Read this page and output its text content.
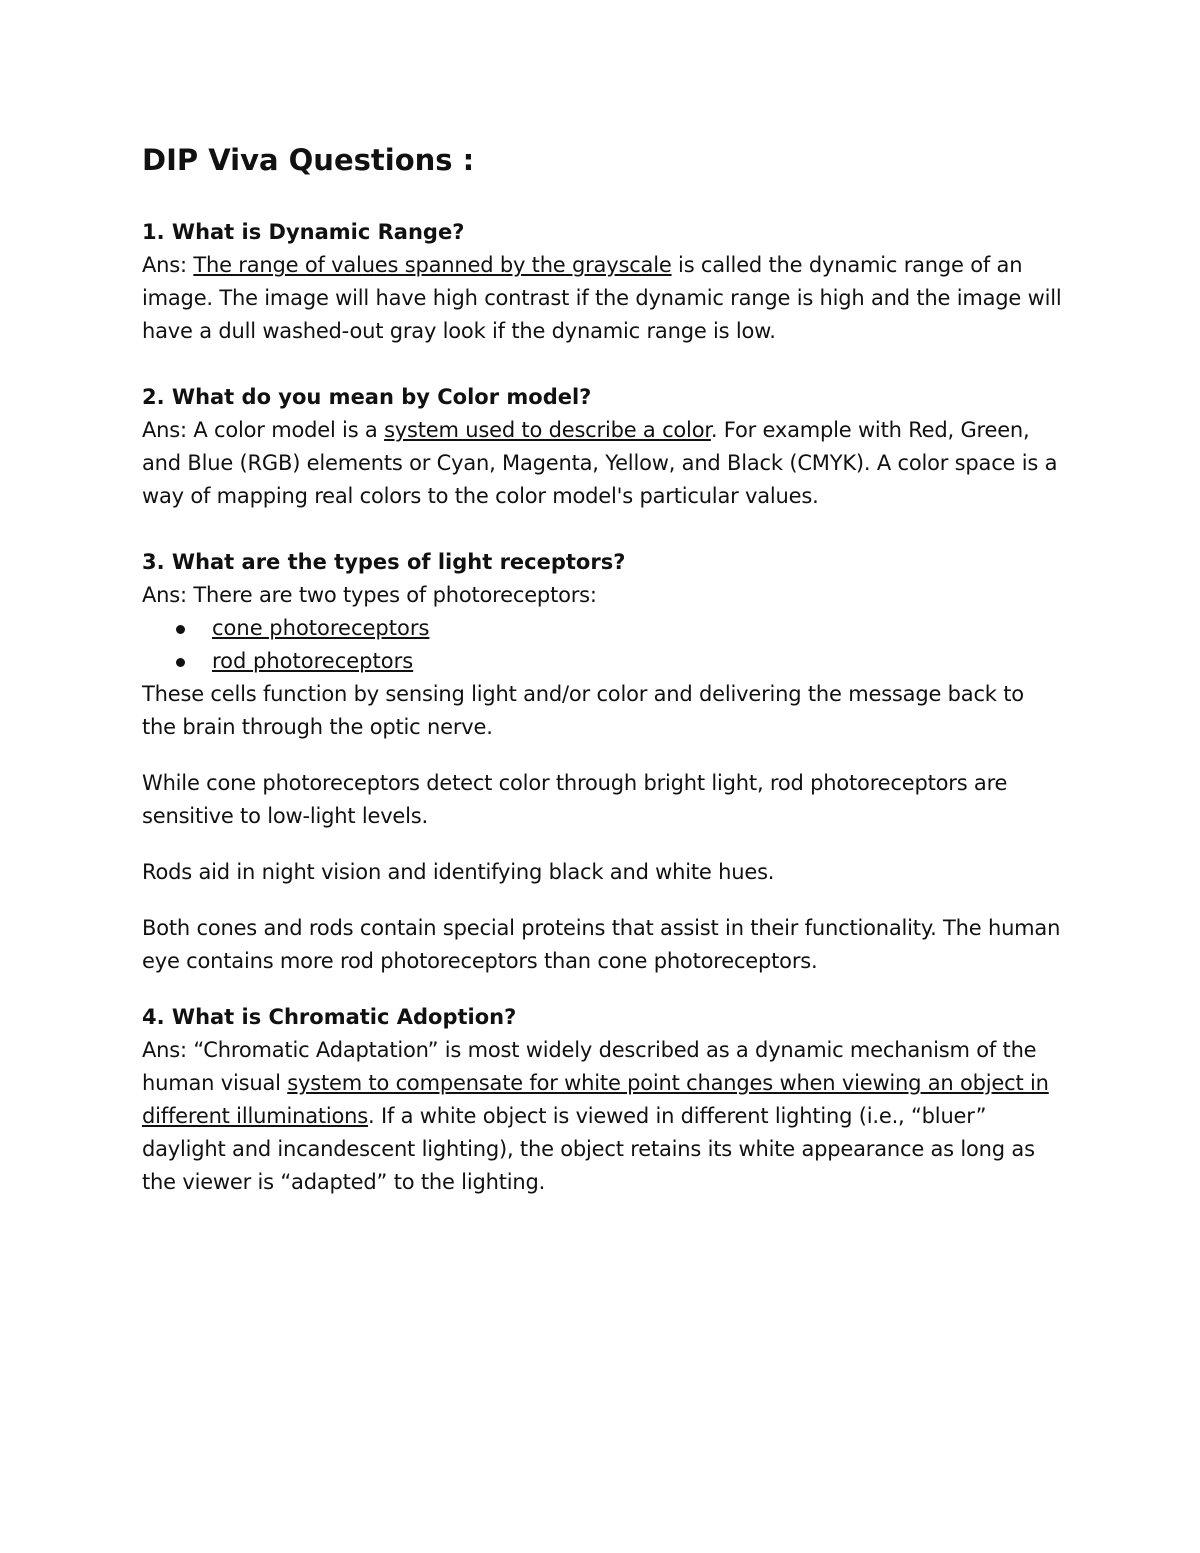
DIP Viva Questions :
1. What is Dynamic Range?
Ans: The range of values spanned by the grayscale is called the dynamic range of an image. The image will have high contrast if the dynamic range is high and the image will have a dull washed-out gray look if the dynamic range is low.
2. What do you mean by Color model?
Ans: A color model is a system used to describe a color. For example with Red, Green, and Blue (RGB) elements or Cyan, Magenta, Yellow, and Black (CMYK). A color space is a way of mapping real colors to the color model's particular values.
3. What are the types of light receptors?
Ans: There are two types of photoreceptors:
cone photoreceptors
rod photoreceptors
These cells function by sensing light and/or color and delivering the message back to the brain through the optic nerve.
While cone photoreceptors detect color through bright light, rod photoreceptors are sensitive to low-light levels.
Rods aid in night vision and identifying black and white hues.
Both cones and rods contain special proteins that assist in their functionality. The human eye contains more rod photoreceptors than cone photoreceptors.
4. What is Chromatic Adoption?
Ans: “Chromatic Adaptation” is most widely described as a dynamic mechanism of the human visual system to compensate for white point changes when viewing an object in different illuminations. If a white object is viewed in different lighting (i.e., “bluer” daylight and incandescent lighting), the object retains its white appearance as long as the viewer is “adapted” to the lighting.
